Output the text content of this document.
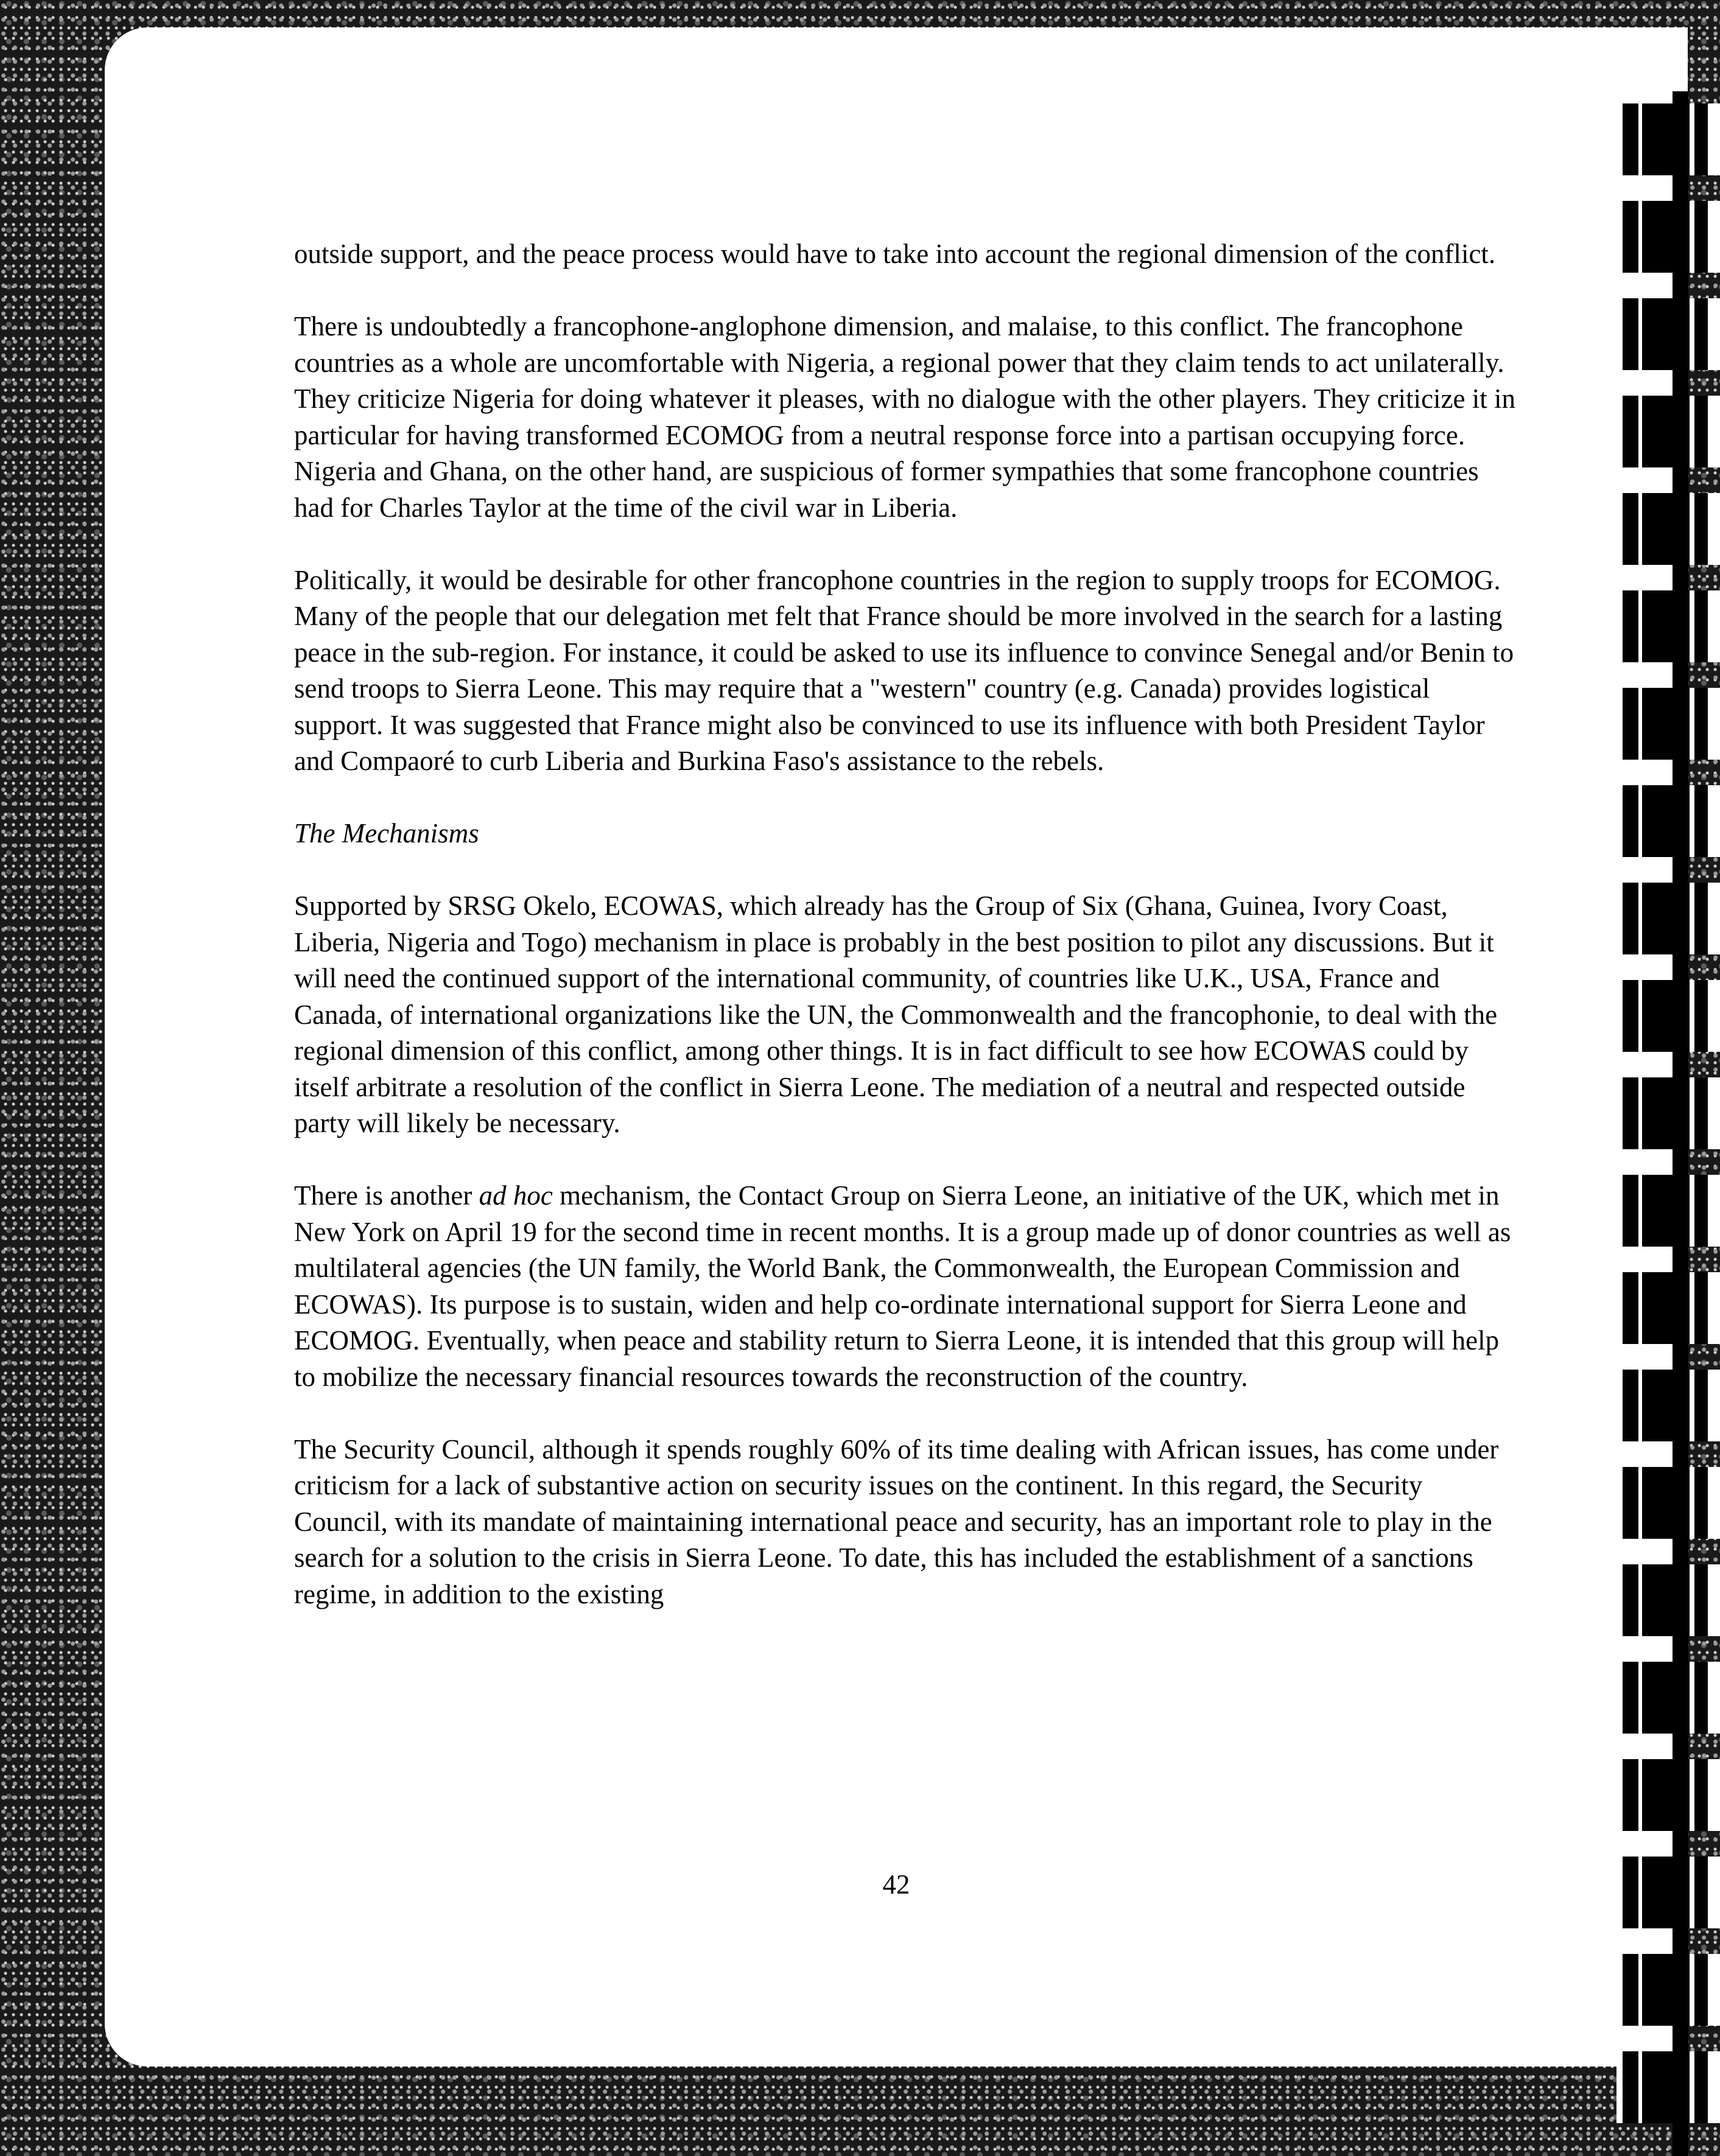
outside support, and the peace process would have to take into account the regional dimension of the conflict.

There is undoubtedly a francophone-anglophone dimension, and malaise, to this conflict. The francophone countries as a whole are uncomfortable with Nigeria, a regional power that they claim tends to act unilaterally. They criticize Nigeria for doing whatever it pleases, with no dialogue with the other players. They criticize it in particular for having transformed ECOMOG from a neutral response force into a partisan occupying force. Nigeria and Ghana, on the other hand, are suspicious of former sympathies that some francophone countries had for Charles Taylor at the time of the civil war in Liberia.

Politically, it would be desirable for other francophone countries in the region to supply troops for ECOMOG. Many of the people that our delegation met felt that France should be more involved in the search for a lasting peace in the sub-region. For instance, it could be asked to use its influence to convince Senegal and/or Benin to send troops to Sierra Leone. This may require that a "western" country (e.g. Canada) provides logistical support. It was suggested that France might also be convinced to use its influence with both President Taylor and Compaoré to curb Liberia and Burkina Faso's assistance to the rebels.

The Mechanisms

Supported by SRSG Okelo, ECOWAS, which already has the Group of Six (Ghana, Guinea, Ivory Coast, Liberia, Nigeria and Togo) mechanism in place is probably in the best position to pilot any discussions. But it will need the continued support of the international community, of countries like U.K., USA, France and Canada, of international organizations like the UN, the Commonwealth and the francophonie, to deal with the regional dimension of this conflict, among other things. It is in fact difficult to see how ECOWAS could by itself arbitrate a resolution of the conflict in Sierra Leone. The mediation of a neutral and respected outside party will likely be necessary.

There is another ad hoc mechanism, the Contact Group on Sierra Leone, an initiative of the UK, which met in New York on April 19 for the second time in recent months. It is a group made up of donor countries as well as multilateral agencies (the UN family, the World Bank, the Commonwealth, the European Commission and ECOWAS). Its purpose is to sustain, widen and help co-ordinate international support for Sierra Leone and ECOMOG. Eventually, when peace and stability return to Sierra Leone, it is intended that this group will help to mobilize the necessary financial resources towards the reconstruction of the country.

The Security Council, although it spends roughly 60% of its time dealing with African issues, has come under criticism for a lack of substantive action on security issues on the continent. In this regard, the Security Council, with its mandate of maintaining international peace and security, has an important role to play in the search for a solution to the crisis in Sierra Leone. To date, this has included the establishment of a sanctions regime, in addition to the existing

42
